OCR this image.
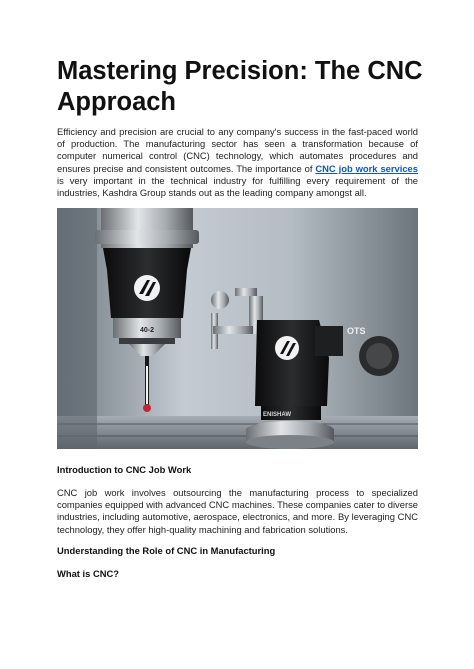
Mastering Precision: The CNC Approach

Efficiency and precision are crucial to any company's success in the fast-paced world of production. The manufacturing sector has seen a transformation because of computer numerical control (CNC) technology, which automates procedures and ensures precise and consistent outcomes. The importance of CNC job work services is very important in the technical industry for fulfilling every requirement of the industries, Kashdra Group stands out as the leading company amongst all.

40-2	OTS
ENISHAW

Introduction to CNC Job Work

CNC job work involves outsourcing the manufacturing process to specialized companies equipped with advanced CNC machines. These companies cater to diverse industries, including automotive, aerospace, electronics, and more. By leveraging CNC technology, they offer high-quality machining and fabrication solutions.

Understanding the Role of CNC in Manufacturing

What is CNC?
